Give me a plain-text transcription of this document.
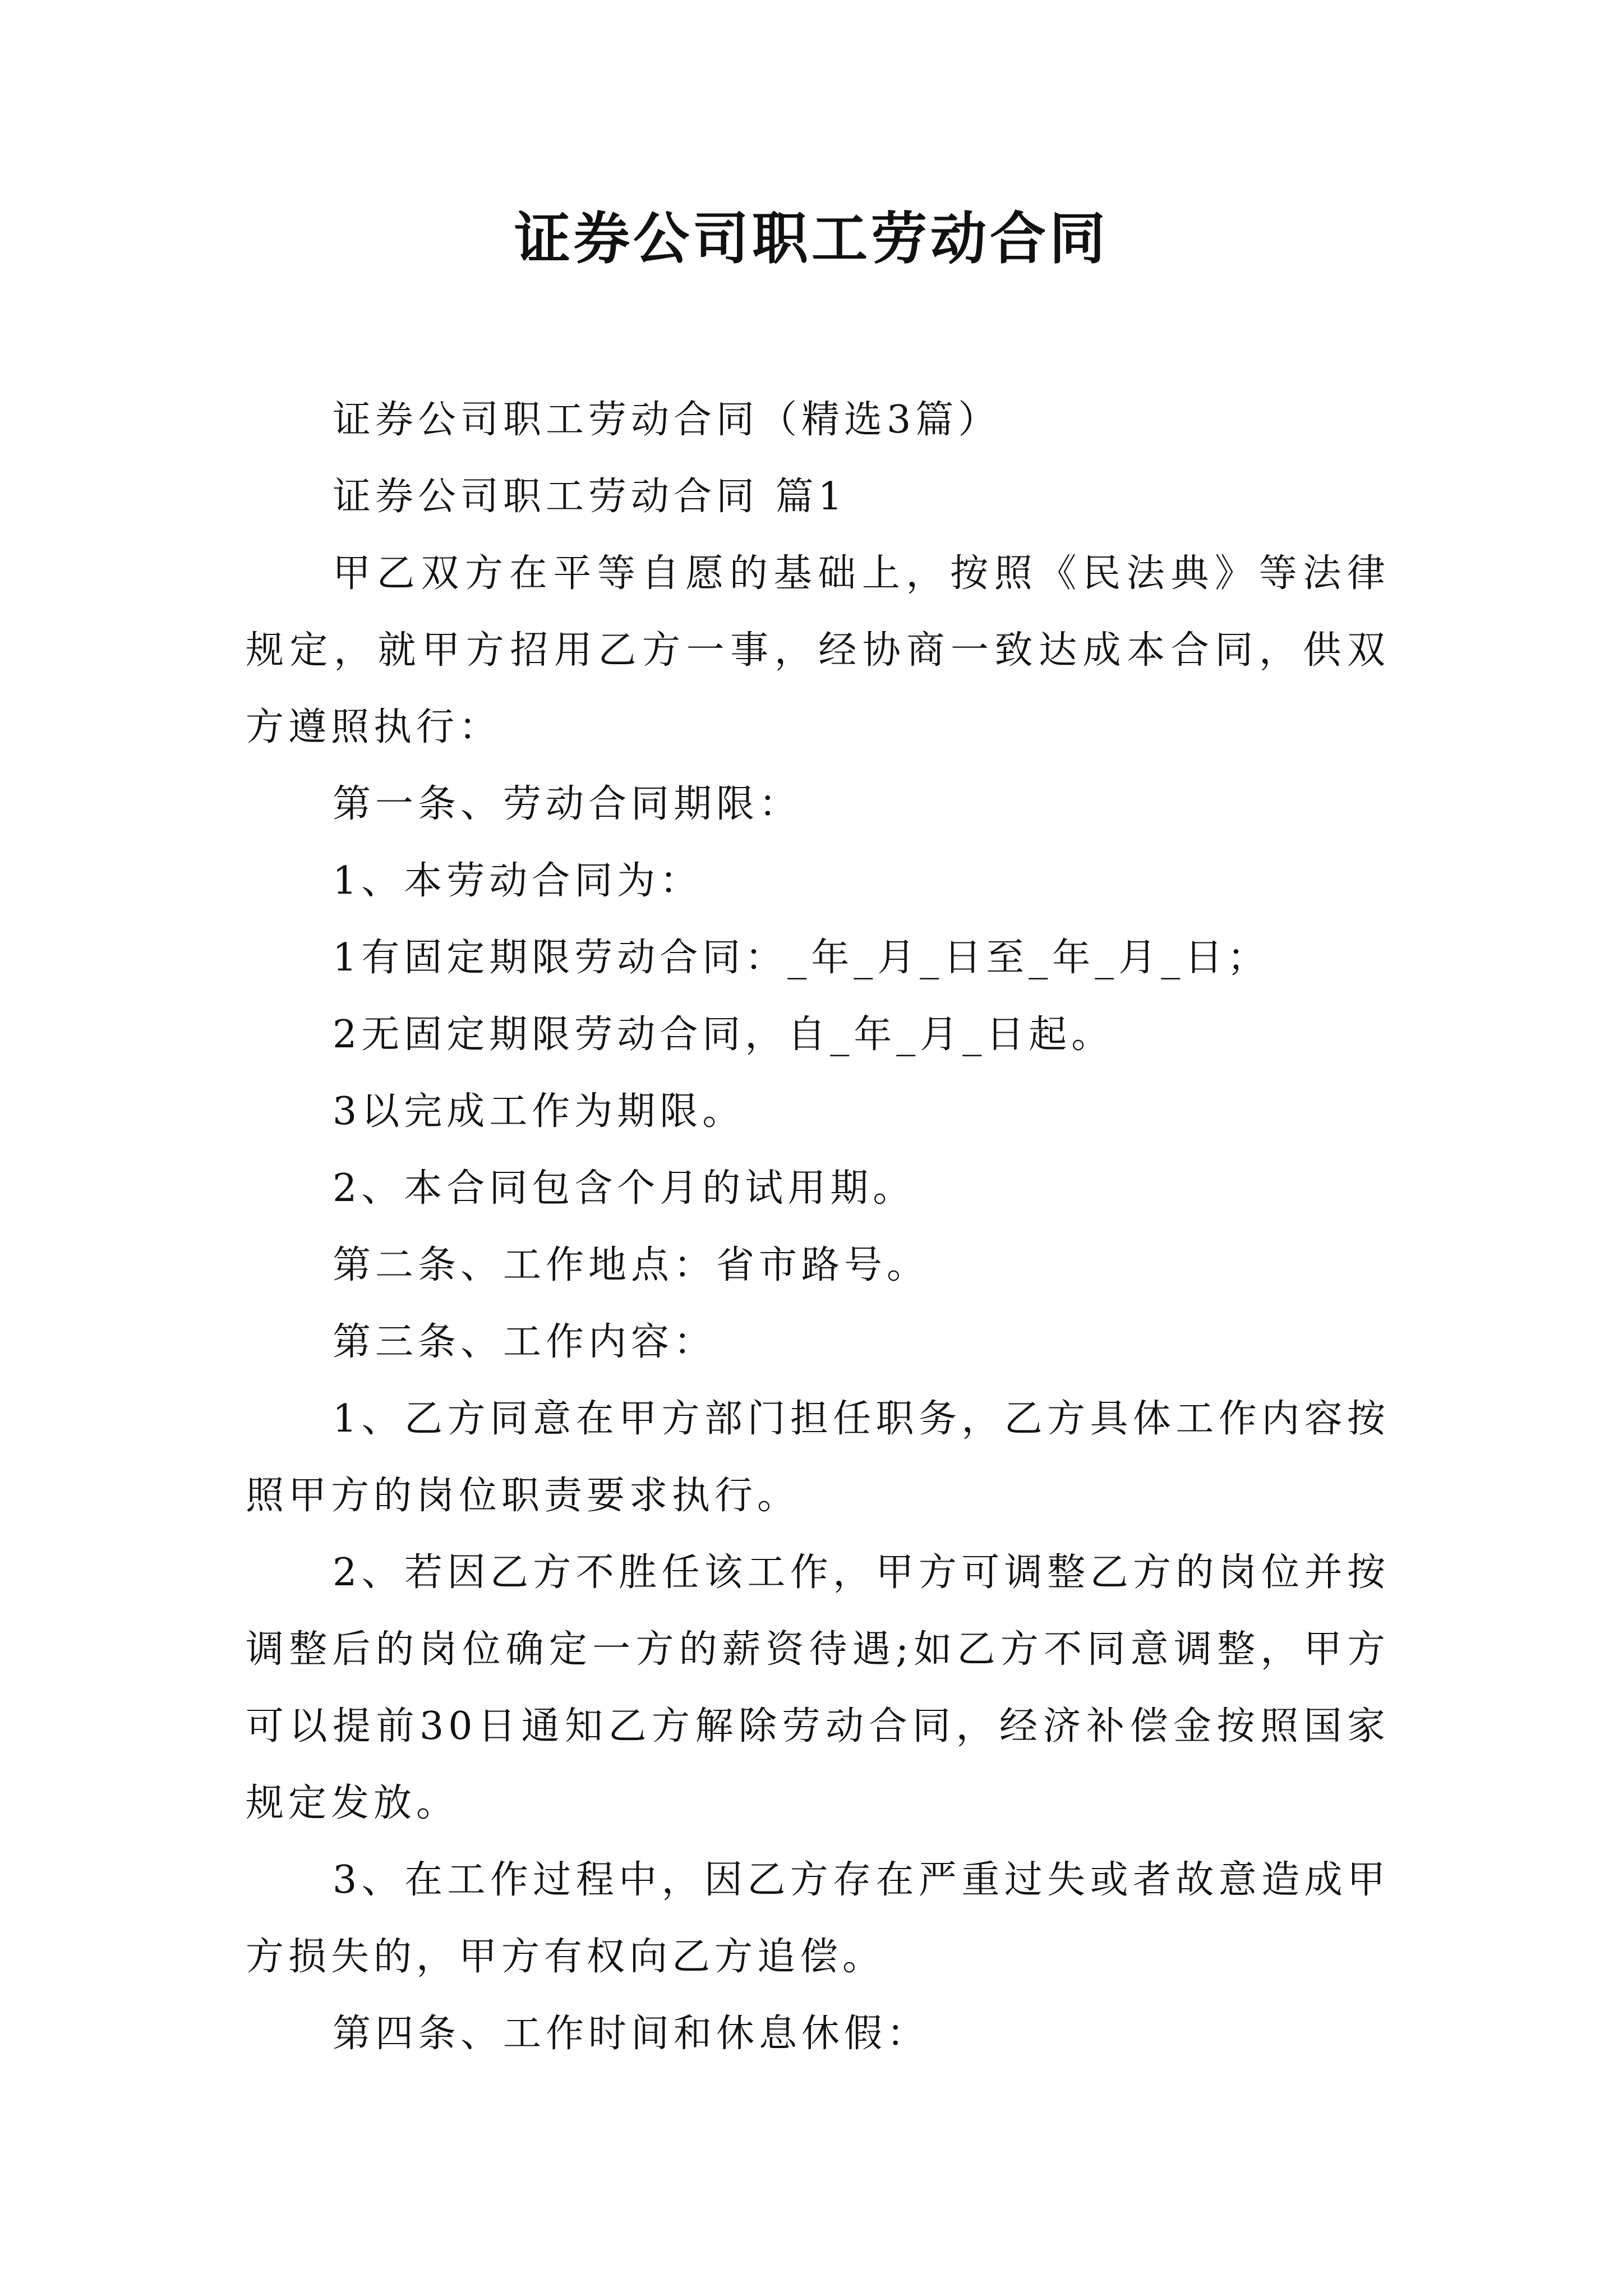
证券公司职工劳动合同

证券公司职工劳动合同（精选3篇）

证券公司职工劳动合同 篇1

甲乙双方在平等自愿的基础上，按照《民法典》等法律规定，就甲方招用乙方一事，经协商一致达成本合同，供双方遵照执行：

第一条、劳动合同期限：

1、本劳动合同为：

1有固定期限劳动合同：_年_月_日至_年_月_日；

2无固定期限劳动合同，自_年_月_日起。

3以完成工作为期限。

2、本合同包含个月的试用期。

第二条、工作地点：省市路号。

第三条、工作内容：

1、乙方同意在甲方部门担任职务，乙方具体工作内容按照甲方的岗位职责要求执行。

2、若因乙方不胜任该工作，甲方可调整乙方的岗位并按调整后的岗位确定一方的薪资待遇;如乙方不同意调整，甲方可以提前30日通知乙方解除劳动合同，经济补偿金按照国家规定发放。

3、在工作过程中，因乙方存在严重过失或者故意造成甲方损失的，甲方有权向乙方追偿。

第四条、工作时间和休息休假：
